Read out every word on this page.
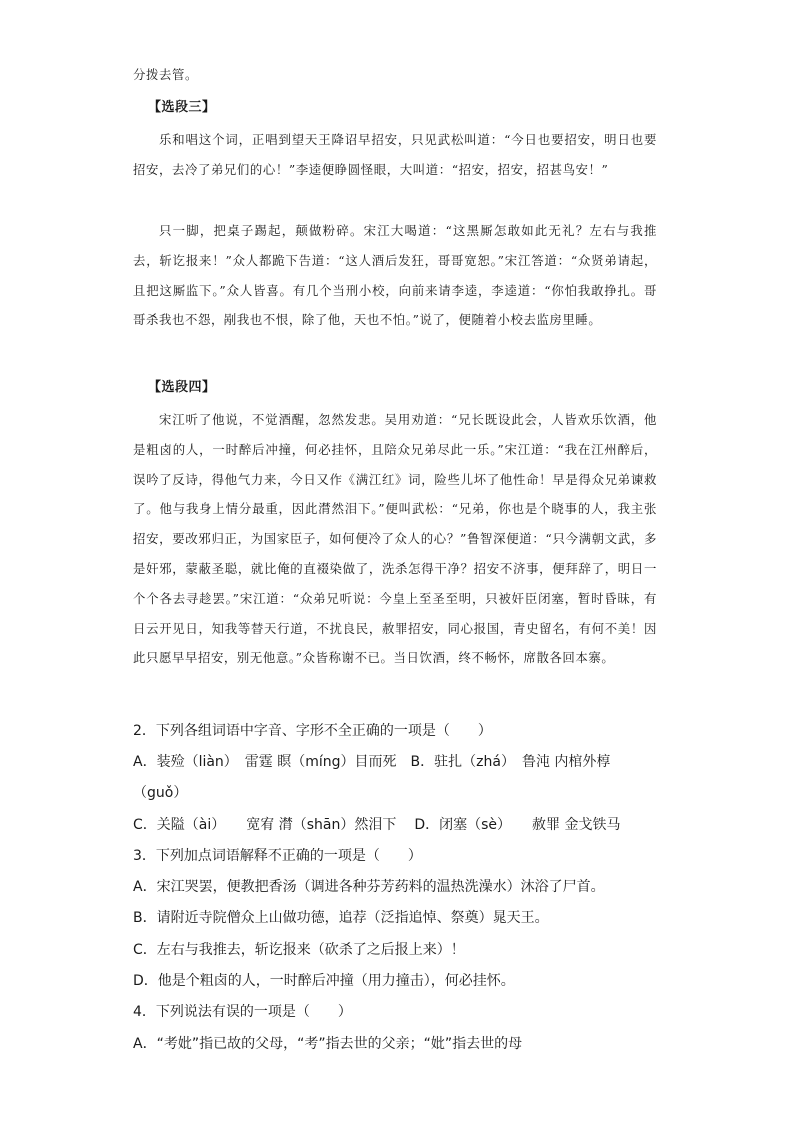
分拨去管。

【选段三】

乐和唱这个词，正唱到望天王降诏早招安，只见武松叫道：“今日也要招安，明日也要招安，去冷了弟兄们的心！”李逵便睁圆怪眼，大叫道：“招安，招安，招甚鸟安！”

只一脚，把桌子踢起，颠做粉碎。宋江大喝道：“这黑厮怎敢如此无礼？左右与我推去，斩讫报来！”众人都跪下告道：“这人酒后发狂，哥哥宽恕。”宋江答道：“众贤弟请起，且把这厮监下。”众人皆喜。有几个当刑小校，向前来请李逵，李逵道：“你怕我敢挣扎。哥哥杀我也不怨，剐我也不恨，除了他，天也不怕。”说了，便随着小校去监房里睡。

【选段四】

宋江听了他说，不觉酒醒，忽然发悲。吴用劝道：“兄长既设此会，人皆欢乐饮酒，他是粗卤的人，一时醉后冲撞，何必挂怀，且陪众兄弟尽此一乐。”宋江道：“我在江州醉后，误吟了反诗，得他气力来，今日又作《满江红》词，险些儿坏了他性命！早是得众兄弟谏救了。他与我身上情分最重，因此潸然泪下。”便叫武松：“兄弟，你也是个晓事的人，我主张招安，要改邪归正，为国家臣子，如何便冷了众人的心？”鲁智深便道：“只今满朝文武，多是奸邪，蒙蔽圣聪，就比俺的直裰染做了，洗杀怎得干净？招安不济事，便拜辞了，明日一个个各去寻趁罢。”宋江道：“众弟兄听说：今皇上至圣至明，只被奸臣闭塞，暂时昏昧，有日云开见日，知我等替天行道，不扰良民，赦罪招安，同心报国，青史留名，有何不美！因此只愿早早招安，别无他意。”众皆称谢不已。当日饮酒，终不畅怀，席散各回本寨。

2．下列各组词语中字音、字形不全正确的一项是（　　）

A．装殓（liàn）　雷霆 瞑（míng）目而死　B．驻扎（zhá）　鲁沌 内棺外椁

（guǒ）

C．关隘（ài）　　宽宥 潸（shān）然泪下 D．闭塞（sè）　　赦罪 金戈铁马

3．下列加点词语解释不正确的一项是（　　）

A．宋江哭罢，便教把香汤（调进各种芬芳药料的温热洗澡水）沐浴了尸首。

B．请附近寺院僧众上山做功德，追荐（泛指追悼、祭奠）晁天王。

C．左右与我推去，斩讫报来（砍杀了之后报上来）！

D．他是个粗卤的人，一时醉后冲撞（用力撞击），何必挂怀。

4．下列说法有误的一项是（　　）

A．“考妣”指已故的父母，“考”指去世的父亲；“妣”指去世的母
